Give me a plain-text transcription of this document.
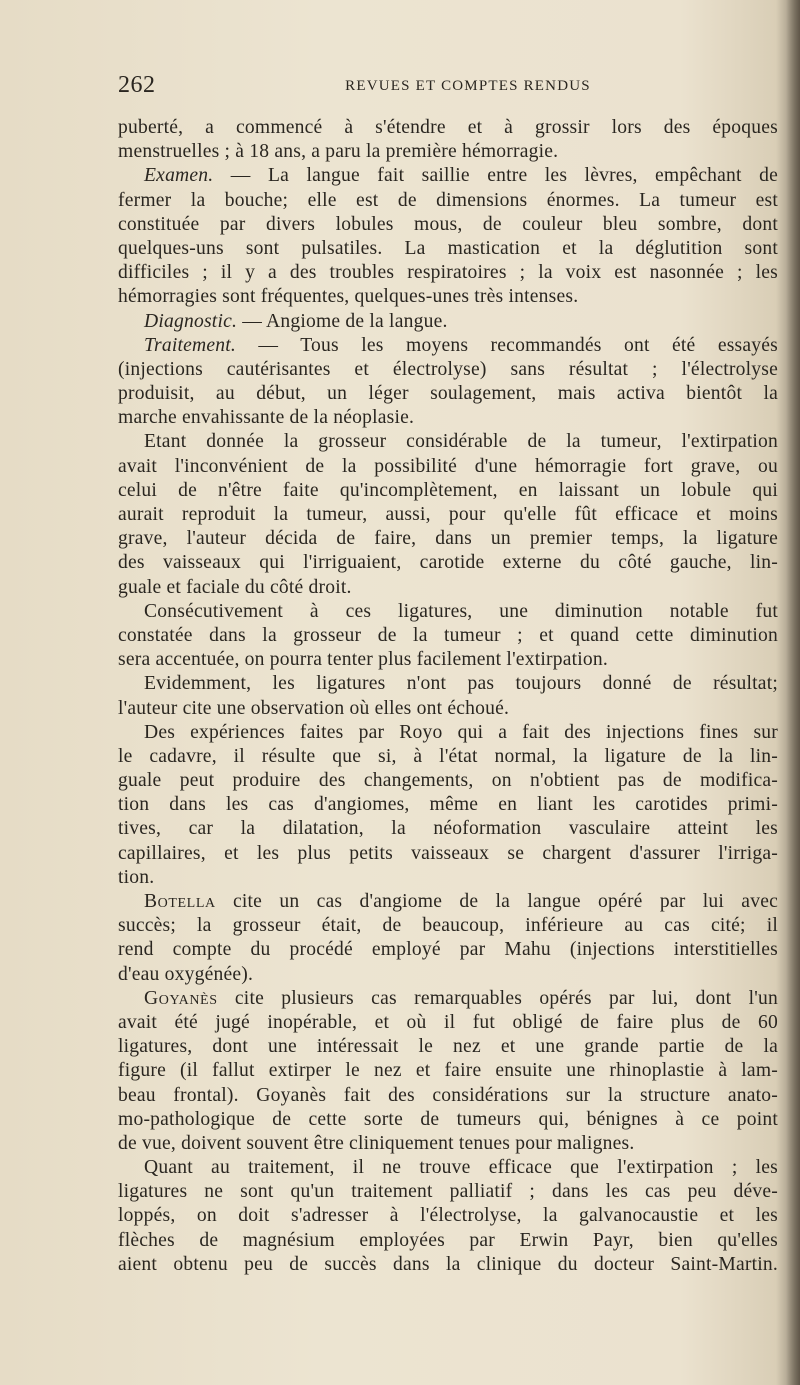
262	REVUES ET COMPTES RENDUS
puberté, a commencé à s'étendre et à grossir lors des époques
menstruelles ; à 18 ans, a paru la première hémorragie.
Examen. — La langue fait saillie entre les lèvres, empêchant de
fermer la bouche; elle est de dimensions énormes. La tumeur est
constituée par divers lobules mous, de couleur bleu sombre, dont
quelques-uns sont pulsatiles. La mastication et la déglutition sont
difficiles ; il y a des troubles respiratoires ; la voix est nasonnée ; les
hémorragies sont fréquentes, quelques-unes très intenses.
Diagnostic. — Angiome de la langue.
Traitement. — Tous les moyens recommandés ont été essayés
(injections cautérisantes et électrolyse) sans résultat ; l'électrolyse
produisit, au début, un léger soulagement, mais activa bientôt la
marche envahissante de la néoplasie.
Etant donnée la grosseur considérable de la tumeur, l'extirpation
avait l'inconvénient de la possibilité d'une hémorragie fort grave, ou
celui de n'être faite qu'incomplètement, en laissant un lobule qui
aurait reproduit la tumeur, aussi, pour qu'elle fût efficace et moins
grave, l'auteur décida de faire, dans un premier temps, la ligature
des vaisseaux qui l'irriguaient, carotide externe du côté gauche, lin-
guale et faciale du côté droit.
Consécutivement à ces ligatures, une diminution notable fut
constatée dans la grosseur de la tumeur ; et quand cette diminution
sera accentuée, on pourra tenter plus facilement l'extirpation.
Evidemment, les ligatures n'ont pas toujours donné de résultat;
l'auteur cite une observation où elles ont échoué.
Des expériences faites par Royo qui a fait des injections fines sur
le cadavre, il résulte que si, à l'état normal, la ligature de la lin-
guale peut produire des changements, on n'obtient pas de modifica-
tion dans les cas d'angiomes, même en liant les carotides primi-
tives, car la dilatation, la néoformation vasculaire atteint les
capillaires, et les plus petits vaisseaux se chargent d'assurer l'irriga-
tion.
Botella cite un cas d'angiome de la langue opéré par lui avec
succès; la grosseur était, de beaucoup, inférieure au cas cité; il
rend compte du procédé employé par Mahu (injections interstitielles
d'eau oxygénée).
Goyanès cite plusieurs cas remarquables opérés par lui, dont l'un
avait été jugé inopérable, et où il fut obligé de faire plus de 60
ligatures, dont une intéressait le nez et une grande partie de la
figure (il fallut extirper le nez et faire ensuite une rhinoplastie à lam-
beau frontal). Goyanès fait des considérations sur la structure anato-
mo-pathologique de cette sorte de tumeurs qui, bénignes à ce point
de vue, doivent souvent être cliniquement tenues pour malignes.
Quant au traitement, il ne trouve efficace que l'extirpation ; les
ligatures ne sont qu'un traitement palliatif ; dans les cas peu déve-
loppés, on doit s'adresser à l'électrolyse, la galvanocaustie et les
flèches de magnésium employées par Erwin Payr, bien qu'elles
aient obtenu peu de succès dans la clinique du docteur Saint-Martin.
